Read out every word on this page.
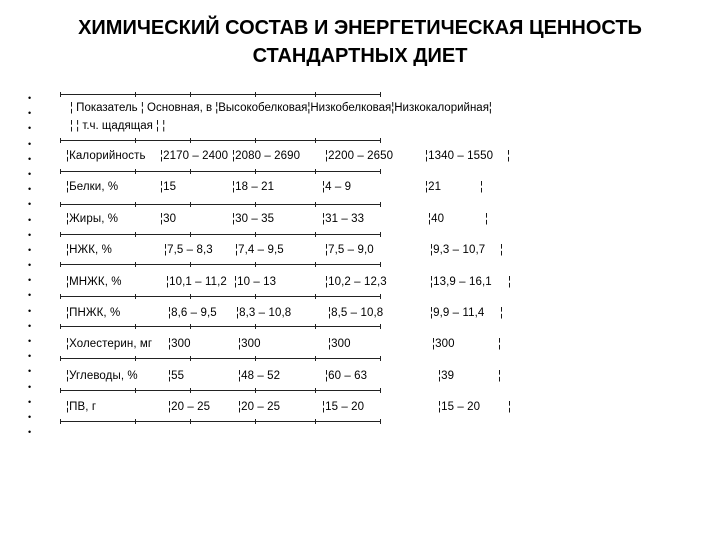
ХИМИЧЕСКИЙ СОСТАВ И ЭНЕРГЕТИЧЕСКАЯ ЦЕННОСТЬ
СТАНДАРТНЫХ ДИЕТ
•
•
•
•
•
•
•
•
•
•
•
•
•
•
•
•
•
•
•
•
•
•
•
¦ Показатель ¦ Основная, в ¦Высокобелковая¦Низкобелковая¦Низкокалорийная¦
¦ ¦ т.ч. щадящая ¦ ¦
¦Калорийность ¦2170 – 2400 ¦2080 – 2690 ¦2200 – 2650	¦1340 – 1550 ¦
¦Белки, %	¦15	¦18 – 21	¦4 – 9	¦21	¦
¦Жиры, %	¦30	¦30 – 35	¦31 – 33	¦40	¦
¦НЖК, %	¦7,5 – 8,3 ¦7,4 – 9,5	¦7,5 – 9,0	¦9,3 – 10,7 ¦
¦МНЖК, %	¦10,1 – 11,2 ¦10 – 13	¦10,2 – 12,3	¦13,9 – 16,1 ¦
¦ПНЖК, %	¦8,6 – 9,5 ¦8,3 – 10,8	¦8,5 – 10,8	¦9,9 – 11,4 ¦
¦Холестерин, мг ¦300	¦300	¦300	¦300	¦
¦Углеводы, %	¦55	¦48 – 52	¦60 – 63	¦39	¦
¦ПВ, г	¦20 – 25 ¦20 – 25	¦15 – 20	¦15 – 20 ¦
